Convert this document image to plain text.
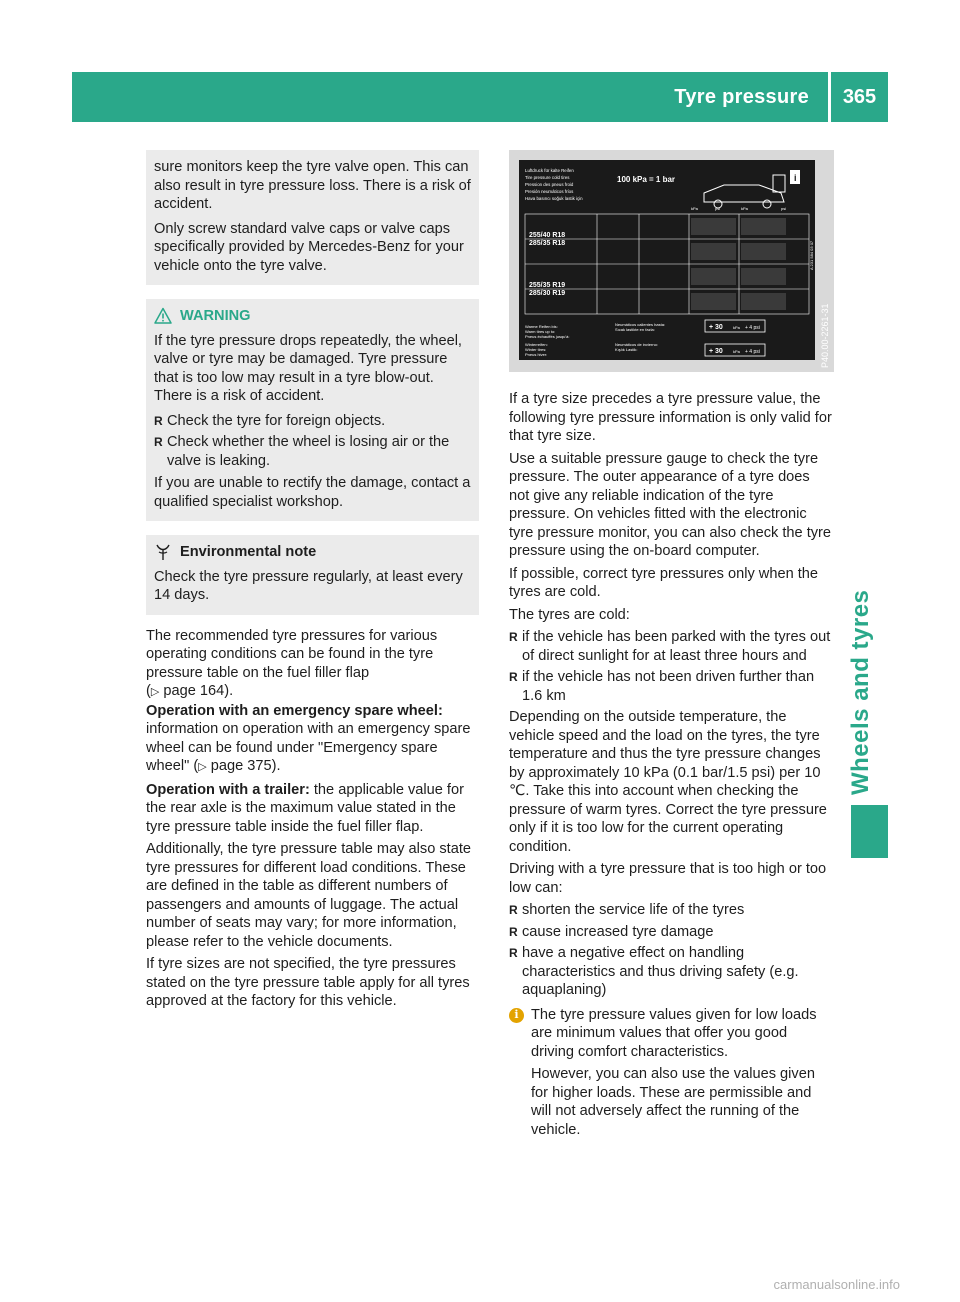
Tyre pressure	365
Wheels and tyres

sure monitors keep the tyre valve open. This can also result in tyre pressure loss. There is a risk of accident.

Only screw standard valve caps or valve caps specifically provided by Mercedes-Benz for your vehicle onto the tyre valve.

WARNING

If the tyre pressure drops repeatedly, the wheel, valve or tyre may be damaged. Tyre pressure that is too low may result in a tyre blow-out. There is a risk of accident.

R Check the tyre for foreign objects.
R Check whether the wheel is losing air or the valve is leaking.

If you are unable to rectify the damage, contact a qualified specialist workshop.

Environmental note

Check the tyre pressure regularly, at least every 14 days.

The recommended tyre pressures for various operating conditions can be found in the tyre pressure table on the fuel filler flap
(▷ page 164).

Operation with an emergency spare wheel: information on operation with an emergency spare wheel can be found under "Emergency spare wheel" (▷ page 375).

Operation with a trailer: the applicable value for the rear axle is the maximum value stated in the tyre pressure table inside the fuel filler flap.

Additionally, the tyre pressure table may also state tyre pressures for different load conditions. These are defined in the table as different numbers of passengers and amounts of luggage. The actual number of seats may vary; for more information, please refer to the vehicle documents.

If tyre sizes are not specified, the tyre pressures stated on the tyre pressure table apply for all tyres approved at the factory for this vehicle.

Luftdruck für kalte Reifen
Tire pressure cold tires
Pression des pneus froid
Presión neumáticos fríos
Hava basıncı soğuk lastik için
100 kPa = 1 bar	i
kPa	psi	kPa	psi
255/40 R18
285/35 R18
255/35 R19
285/30 R19
Warme Reifen bis:
Warm tires up to:
Pneus échauffés jusqu'à:
Neumáticos calientes hasta:
Sıcak lastikte en fazla:
Winterreifen:
Winter tires:
Pneus hiver:
Neumáticos de invierno:
Kışlık Lastik:
+ 30	kPa + 4 psi
+ 30	kPa + 4 psi
A 231 584 03 07
P40.00-2261-31

If a tyre size precedes a tyre pressure value, the following tyre pressure information is only valid for that tyre size.

Use a suitable pressure gauge to check the tyre pressure. The outer appearance of a tyre does not give any reliable indication of the tyre pressure. On vehicles fitted with the electronic tyre pressure monitor, you can also check the tyre pressure using the on-board computer.

If possible, correct tyre pressures only when the tyres are cold.

The tyres are cold:

R if the vehicle has been parked with the tyres out of direct sunlight for at least three hours and
R if the vehicle has not been driven further than 1.6 km

Depending on the outside temperature, the vehicle speed and the load on the tyres, the tyre temperature and thus the tyre pressure changes by approximately 10 kPa (0.1 bar/1.5 psi) per 10 ℃. Take this into account when checking the pressure of warm tyres. Correct the tyre pressure only if it is too low for the current operating condition.

Driving with a tyre pressure that is too high or too low can:

R shorten the service life of the tyres
R cause increased tyre damage
R have a negative effect on handling characteristics and thus driving safety (e.g. aquaplaning)
i The tyre pressure values given for low loads are minimum values that offer you good driving comfort characteristics.

However, you can also use the values given for higher loads. These are permissible and will not adversely affect the running of the vehicle.

carmanualsonline.info
